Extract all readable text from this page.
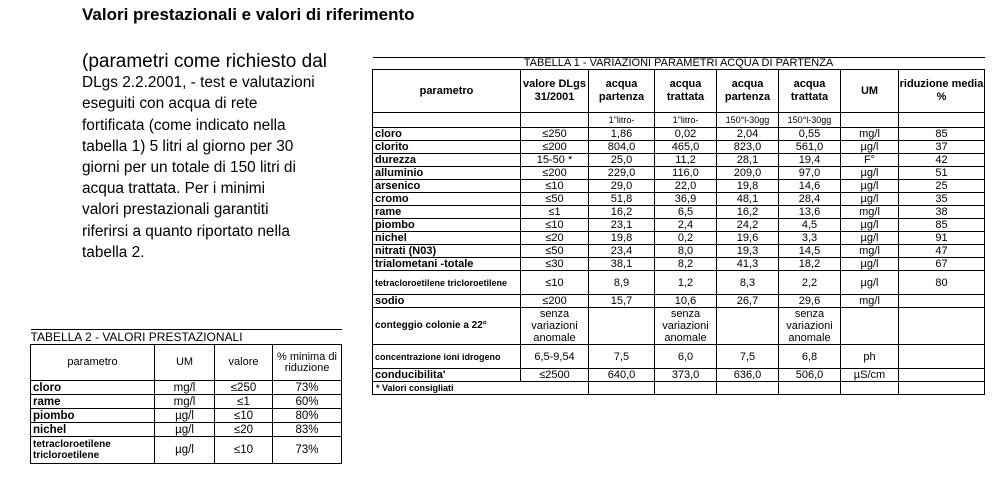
Valori prestazionali e valori di riferimento
(parametri come richiesto dal
DLgs 2.2.2001, - test e valutazioni
eseguiti con acqua di rete
fortificata (come indicato nella
tabella 1) 5 litri al giorno per 30
giorni per un totale di 150 litri di
acqua trattata. Per i minimi
valori prestazionali garantiti
riferirsi a quanto riportato nella
tabella 2.
TABELLA 1 - VARIAZIONI PARAMETRI ACQUA DI PARTENZA							

parametro	valore DLgs 31/2001	acqua partenza	acqua trattata	acqua partenza	acqua trattata	UM	riduzione media %
		1"litro-	1"litro-	150°l-30gg	150°l-30gg		
cloro	≤250	1,86	0,02	2,04	0,55	mg/l	85
clorito	≤200	804,0	465,0	823,0	561,0	µg/l	37
durezza	15-50 *	25,0	11,2	28,1	19,4	F°	42
alluminio	≤200	229,0	116,0	209,0	97,0	µg/l	51
arsenico	≤10	29,0	22,0	19,8	14,6	µg/l	25
cromo	≤50	51,8	36,9	48,1	28,4	µg/l	35
rame	≤1	16,2	6,5	16,2	13,6	mg/l	38
piombo	≤10	23,1	2,4	24,2	4,5	µg/l	85
nichel	≤20	19,8	0,2	19,6	3,3	µg/l	91
nitrati (N03)	≤50	23,4	8,0	19,3	14,5	mg/l	47
trialometani -totale	≤30	38,1	8,2	41,3	18,2	µg/l	67
tetracloroetilene tricloroetilene	≤10	8,9	1,2	8,3	2,2	µg/l	80
sodio	≤200	15,7	10,6	26,7	29,6	mg/l	
conteggio colonie a 22°	senza variazioni anomale		senza variazioni anomale		senza variazioni anomale		
concentrazione ioni idrogeno	6,5-9,54	7,5	6,0	7,5	6,8	ph	
conducibilita'	≤2500	640,0	373,0	636,0	506,0	µS/cm	
* Valori consigliati							
TABELLA 2 - VALORI PRESTAZIONALI			
parametro	UM	valore	% minima di riduzione
cloro	mg/l	≤250	73%
rame	mg/l	≤1	60%
piombo	µg/l	≤10	80%
nichel	µg/l	≤20	83%
tetracloroetilene tricloroetilene	µg/l	≤10	73%
